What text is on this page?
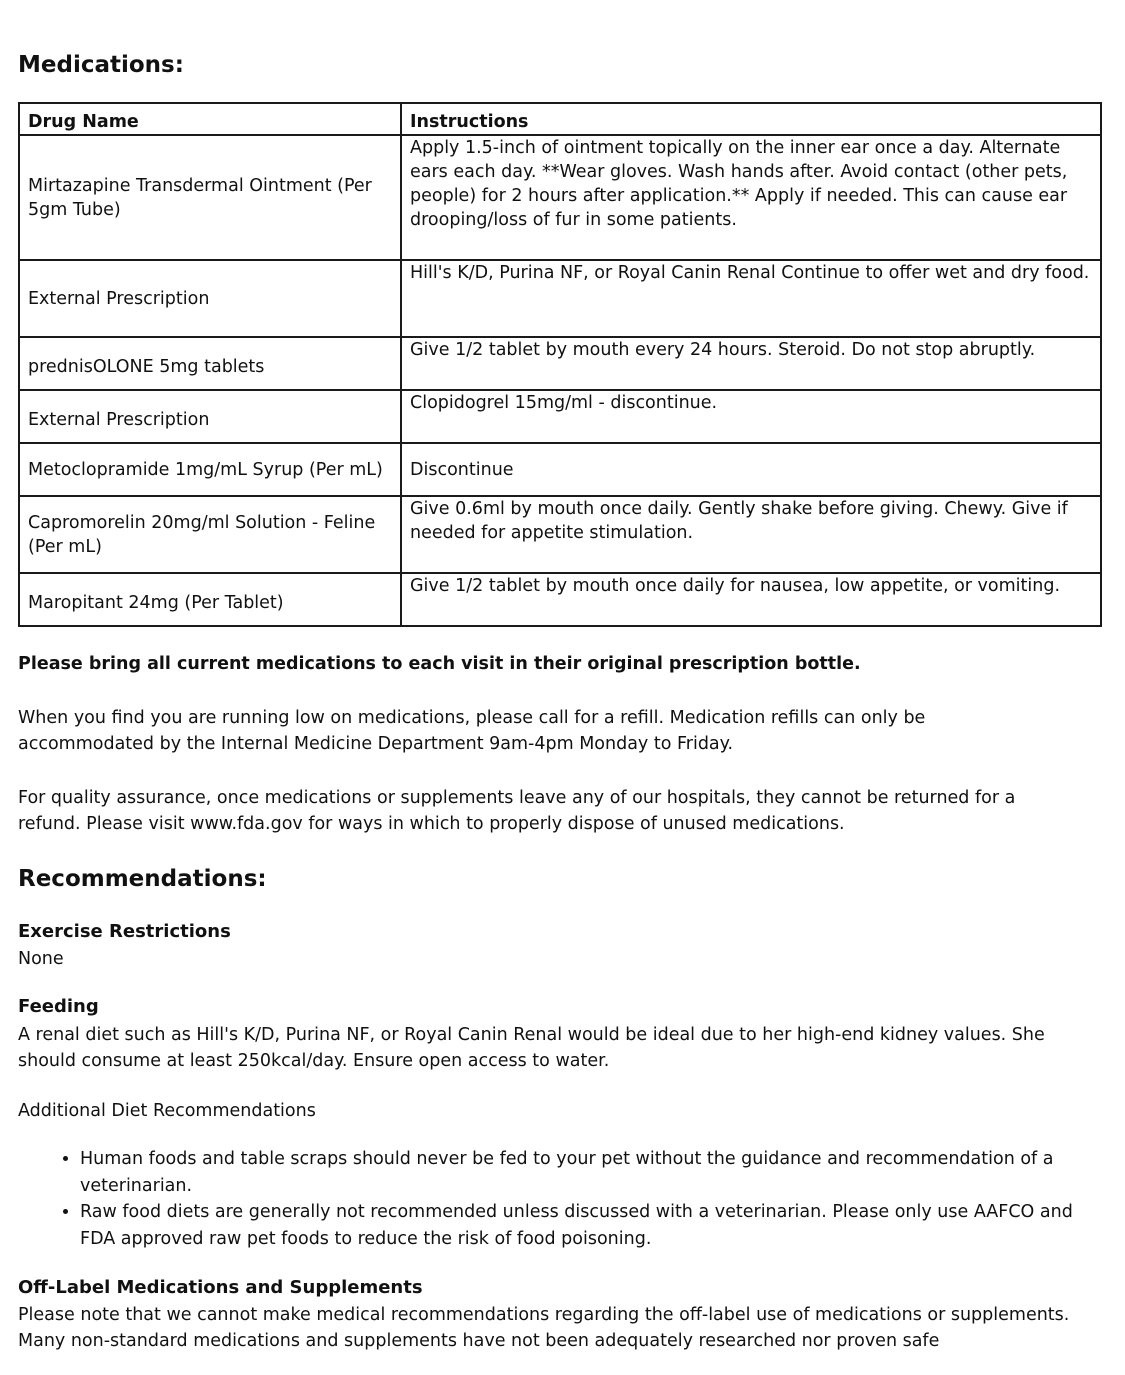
Medications:
Drug Name	Instructions
Mirtazapine Transdermal Ointment (Per 5gm Tube)	Apply 1.5-inch of ointment topically on the inner ear once a day. Alternate ears each day. **Wear gloves. Wash hands after. Avoid contact (other pets, people) for 2 hours after application.** Apply if needed. This can cause ear drooping/loss of fur in some patients.
External Prescription	Hill's K/D, Purina NF, or Royal Canin Renal Continue to offer wet and dry food.
prednisOLONE 5mg tablets	Give 1/2 tablet by mouth every 24 hours. Steroid. Do not stop abruptly.
External Prescription	Clopidogrel 15mg/ml - discontinue.
Metoclopramide 1mg/mL Syrup (Per mL)	Discontinue
Capromorelin 20mg/ml Solution - Feline (Per mL)	Give 0.6ml by mouth once daily. Gently shake before giving. Chewy. Give if needed for appetite stimulation.
Maropitant 24mg (Per Tablet)	Give 1/2 tablet by mouth once daily for nausea, low appetite, or vomiting.
Please bring all current medications to each visit in their original prescription bottle.
When you find you are running low on medications, please call for a refill. Medication refills can only be accommodated by the Internal Medicine Department 9am-4pm Monday to Friday.
For quality assurance, once medications or supplements leave any of our hospitals, they cannot be returned for a refund. Please visit www.fda.gov for ways in which to properly dispose of unused medications.
Recommendations:
Exercise Restrictions
None
Feeding
A renal diet such as Hill's K/D, Purina NF, or Royal Canin Renal would be ideal due to her high-end kidney values. She should consume at least 250kcal/day. Ensure open access to water.
Additional Diet Recommendations
• Human foods and table scraps should never be fed to your pet without the guidance and recommendation of a veterinarian.
• Raw food diets are generally not recommended unless discussed with a veterinarian. Please only use AAFCO and FDA approved raw pet foods to reduce the risk of food poisoning.
Off-Label Medications and Supplements
Please note that we cannot make medical recommendations regarding the off-label use of medications or supplements. Many non-standard medications and supplements have not been adequately researched nor proven safe
